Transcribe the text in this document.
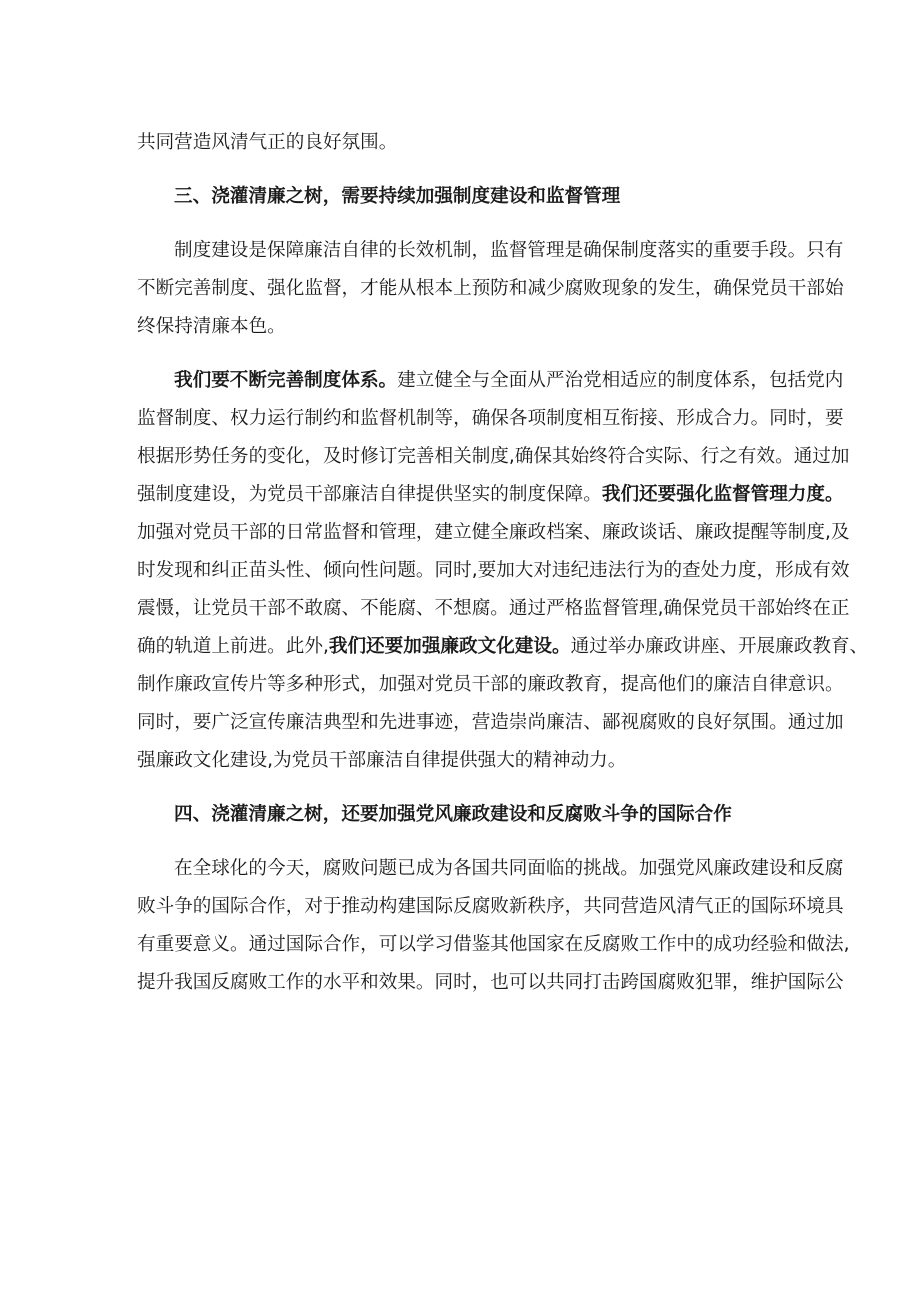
共同营造风清气正的良好氛围。
三、浇灌清廉之树，需要持续加强制度建设和监督管理
制度建设是保障廉洁自律的长效机制，监督管理是确保制度落实的重要手段。只有
不断完善制度、强化监督，才能从根本上预防和减少腐败现象的发生，确保党员干部始
终保持清廉本色。
我们要不断完善制度体系。建立健全与全面从严治党相适应的制度体系，包括党内
监督制度、权力运行制约和监督机制等，确保各项制度相互衔接、形成合力。同时，要
根据形势任务的变化，及时修订完善相关制度,确保其始终符合实际、行之有效。通过加
强制度建设，为党员干部廉洁自律提供坚实的制度保障。我们还要强化监督管理力度。
加强对党员干部的日常监督和管理，建立健全廉政档案、廉政谈话、廉政提醒等制度,及
时发现和纠正苗头性、倾向性问题。同时,要加大对违纪违法行为的查处力度，形成有效
震慑，让党员干部不敢腐、不能腐、不想腐。通过严格监督管理,确保党员干部始终在正
确的轨道上前进。此外,我们还要加强廉政文化建设。通过举办廉政讲座、开展廉政教育、
制作廉政宣传片等多种形式，加强对党员干部的廉政教育，提高他们的廉洁自律意识。
同时，要广泛宣传廉洁典型和先进事迹，营造崇尚廉洁、鄙视腐败的良好氛围。通过加
强廉政文化建设,为党员干部廉洁自律提供强大的精神动力。
四、浇灌清廉之树，还要加强党风廉政建设和反腐败斗争的国际合作
在全球化的今天，腐败问题已成为各国共同面临的挑战。加强党风廉政建设和反腐
败斗争的国际合作，对于推动构建国际反腐败新秩序，共同营造风清气正的国际环境具
有重要意义。通过国际合作，可以学习借鉴其他国家在反腐败工作中的成功经验和做法,
提升我国反腐败工作的水平和效果。同时，也可以共同打击跨国腐败犯罪，维护国际公
